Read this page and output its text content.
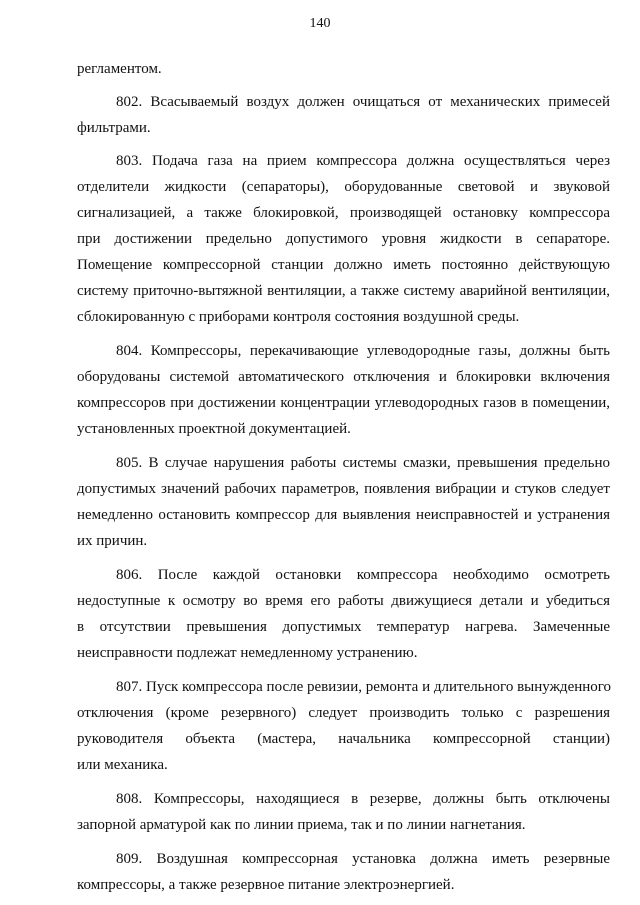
140
регламентом.
802. Всасываемый воздух должен очищаться от механических примесей
фильтрами.
803. Подача газа на прием компрессора должна осуществляться через
отделители жидкости (сепараторы), оборудованные световой и звуковой
сигнализацией, а также блокировкой, производящей остановку компрессора
при достижении предельно допустимого уровня жидкости в сепараторе.
Помещение компрессорной станции должно иметь постоянно действующую
систему приточно-вытяжной вентиляции, а также систему аварийной вентиляции,
сблокированную с приборами контроля состояния воздушной среды.
804. Компрессоры, перекачивающие углеводородные газы, должны быть
оборудованы системой автоматического отключения и блокировки включения
компрессоров при достижении концентрации углеводородных газов в помещении,
установленных проектной документацией.
805. В случае нарушения работы системы смазки, превышения предельно
допустимых значений рабочих параметров, появления вибрации и стуков следует
немедленно остановить компрессор для выявления неисправностей и устранения
их причин.
806. После каждой остановки компрессора необходимо осмотреть
недоступные к осмотру во время его работы движущиеся детали и убедиться
в отсутствии превышения допустимых температур нагрева. Замеченные
неисправности подлежат немедленному устранению.
807. Пуск компрессора после ревизии, ремонта и длительного вынужденного
отключения (кроме резервного) следует производить только с разрешения
руководителя объекта (мастера, начальника компрессорной станции)
или механика.
808. Компрессоры, находящиеся в резерве, должны быть отключены
запорной арматурой как по линии приема, так и по линии нагнетания.
809. Воздушная компрессорная установка должна иметь резервные
компрессоры, а также резервное питание электроэнергией.
